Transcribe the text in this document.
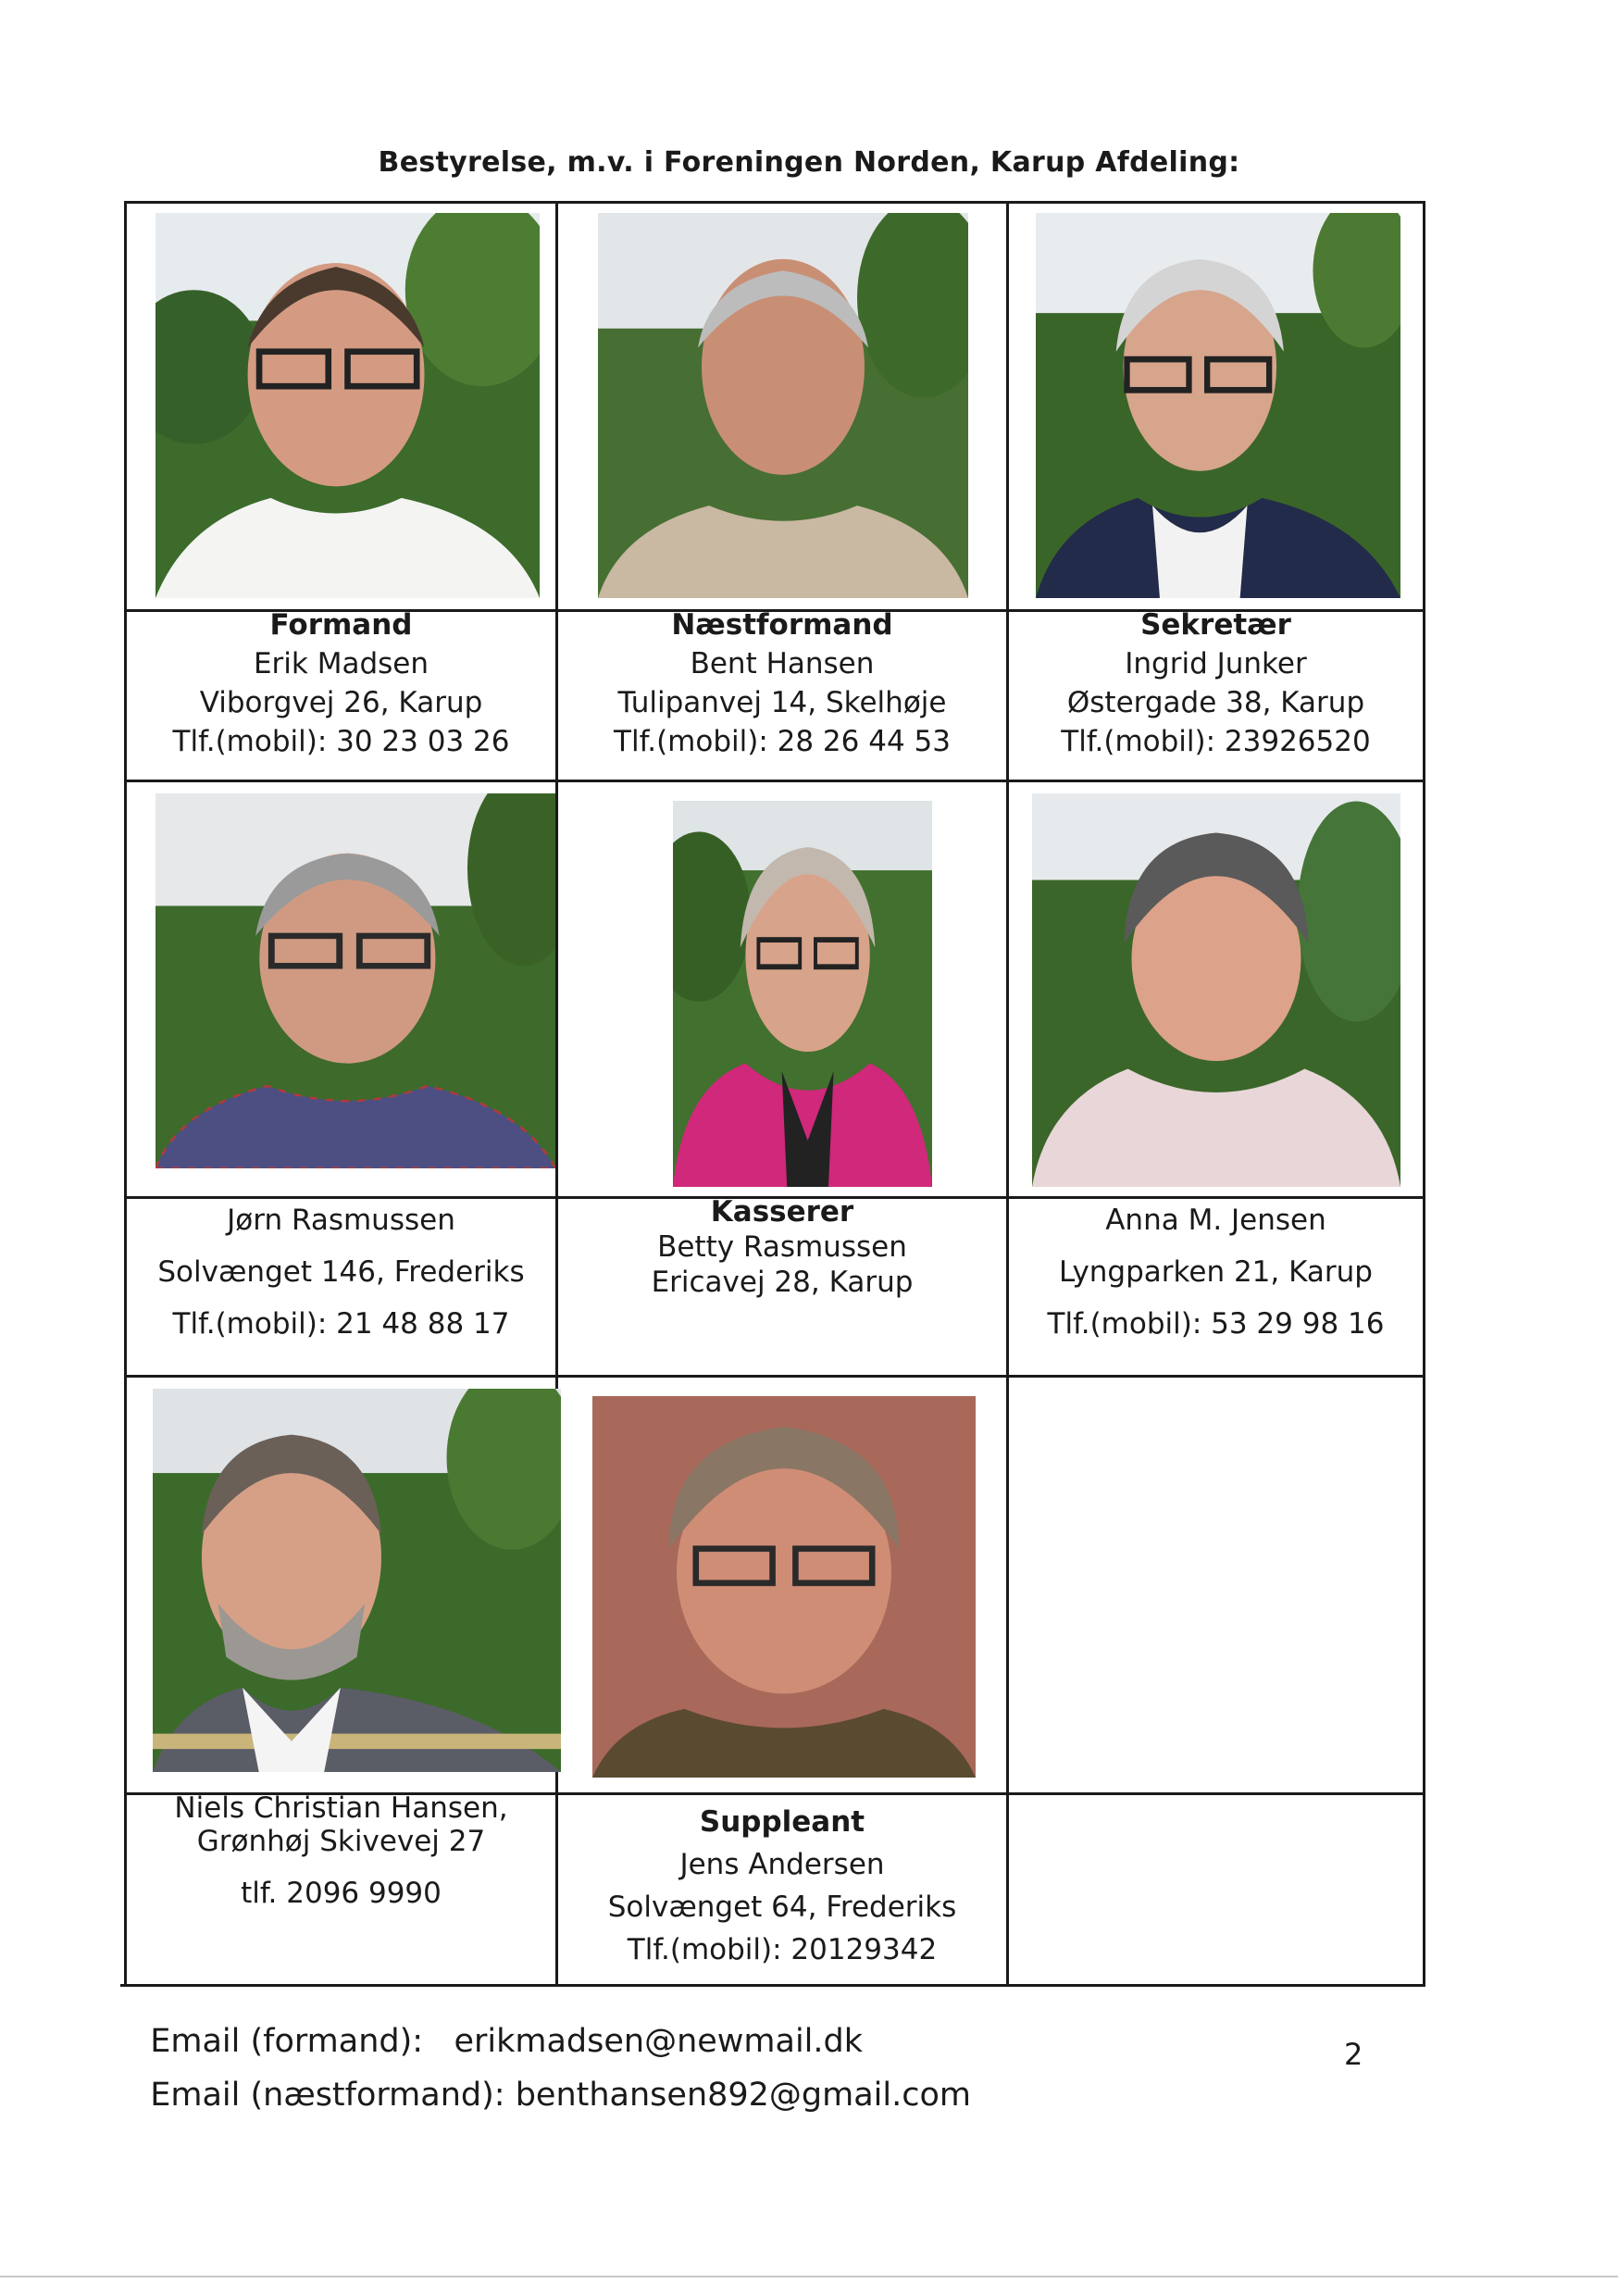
Bestyrelse, m.v. i Foreningen Norden, Karup Afdeling:
Formand
Erik Madsen
Viborgvej 26, Karup
Tlf.(mobil): 30 23 03 26
Næstformand
Bent Hansen
Tulipanvej 14, Skelhøje
Tlf.(mobil): 28 26 44 53
Sekretær
Ingrid Junker
Østergade 38, Karup
Tlf.(mobil): 23926520
Jørn Rasmussen
Solvænget 146, Frederiks
Tlf.(mobil): 21 48 88 17
Kasserer
Betty Rasmussen
Ericavej 28, Karup
Anna M. Jensen
Lyngparken 21, Karup
Tlf.(mobil): 53 29 98 16
Niels Christian Hansen,
Grønhøj Skivevej 27
tlf. 2096 9990
Suppleant
Jens Andersen
Solvænget 64, Frederiks
Tlf.(mobil): 20129342

Email (formand): erikmadsen@newmail.dk

Email (næstformand): benthansen892@gmail.com

2
